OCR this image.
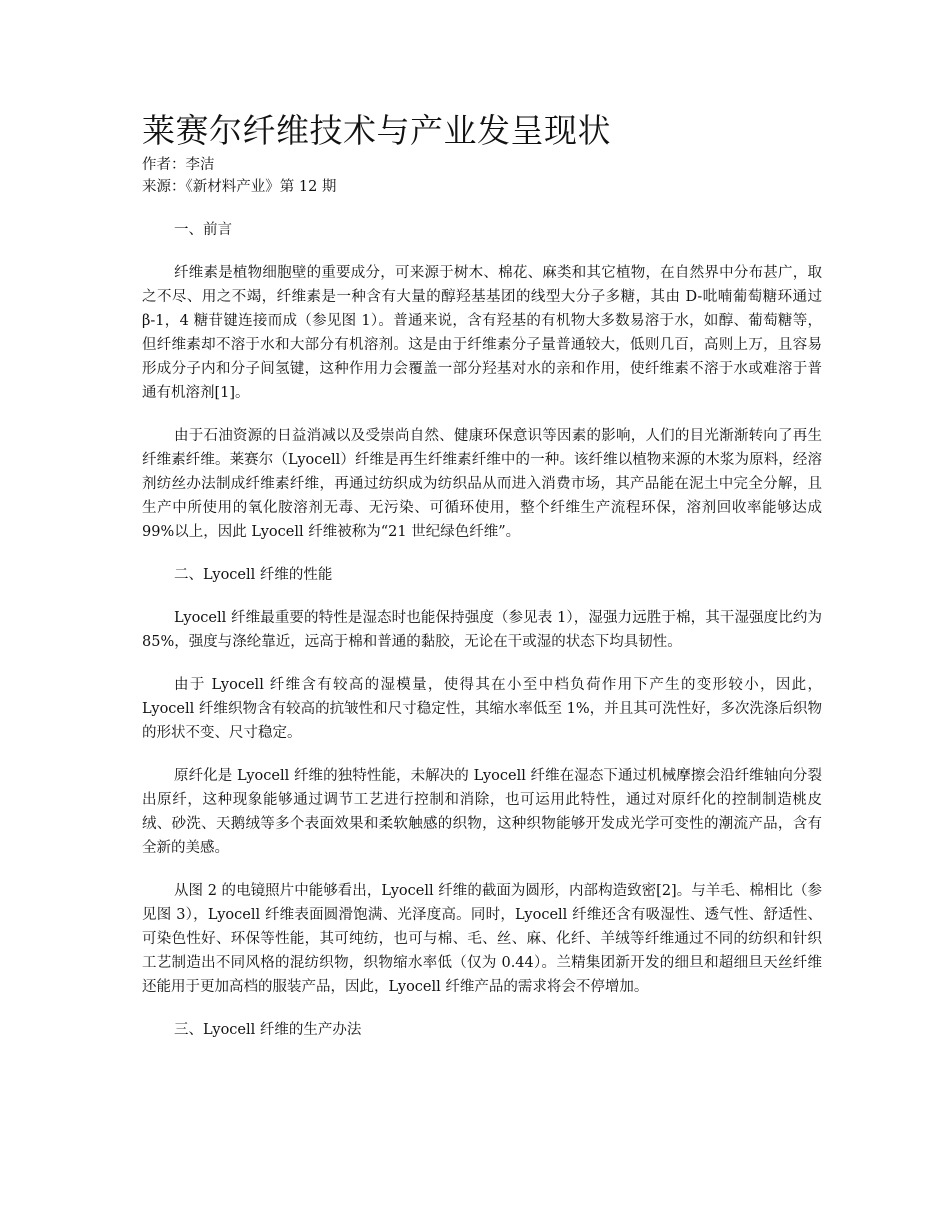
莱赛尔纤维技术与产业发呈现状

作者：李洁

来源：《新材料产业》第 12 期

一、前言

纤维素是植物细胞壁的重要成分，可来源于树木、棉花、麻类和其它植物，在自然界中分布甚广，取之不尽、用之不竭，纤维素是一种含有大量的醇羟基基团的线型大分子多糖，其由 D-吡喃葡萄糖环通过 β-1，4 糖苷键连接而成（参见图 1）。普通来说，含有羟基的有机物大多数易溶于水，如醇、葡萄糖等，但纤维素却不溶于水和大部分有机溶剂。这是由于纤维素分子量普通较大，低则几百，高则上万，且容易形成分子内和分子间氢键，这种作用力会覆盖一部分羟基对水的亲和作用，使纤维素不溶于水或难溶于普通有机溶剂[1]。

由于石油资源的日益消减以及受崇尚自然、健康环保意识等因素的影响，人们的目光渐渐转向了再生纤维素纤维。莱赛尔（Lyocell）纤维是再生纤维素纤维中的一种。该纤维以植物来源的木浆为原料，经溶剂纺丝办法制成纤维素纤维，再通过纺织成为纺织品从而进入消费市场，其产品能在泥土中完全分解，且生产中所使用的氧化胺溶剂无毒、无污染、可循环使用，整个纤维生产流程环保，溶剂回收率能够达成 99%以上，因此 Lyocell 纤维被称为“21 世纪绿色纤维”。

二、Lyocell 纤维的性能

Lyocell 纤维最重要的特性是湿态时也能保持强度（参见表 1），湿强力远胜于棉，其干湿强度比约为 85%，强度与涤纶靠近，远高于棉和普通的黏胶，无论在干或湿的状态下均具韧性。

由于 Lyocell 纤维含有较高的湿模量，使得其在小至中档负荷作用下产生的变形较小，因此，Lyocell 纤维织物含有较高的抗皱性和尺寸稳定性，其缩水率低至 1%，并且其可洗性好，多次洗涤后织物的形状不变、尺寸稳定。

原纤化是 Lyocell 纤维的独特性能，未解决的 Lyocell 纤维在湿态下通过机械摩擦会沿纤维轴向分裂出原纤，这种现象能够通过调节工艺进行控制和消除，也可运用此特性，通过对原纤化的控制制造桃皮绒、砂洗、天鹅绒等多个表面效果和柔软触感的织物，这种织物能够开发成光学可变性的潮流产品，含有全新的美感。

从图 2 的电镜照片中能够看出，Lyocell 纤维的截面为圆形，内部构造致密[2]。与羊毛、棉相比（参见图 3），Lyocell 纤维表面圆滑饱满、光泽度高。同时，Lyocell 纤维还含有吸湿性、透气性、舒适性、可染色性好、环保等性能，其可纯纺，也可与棉、毛、丝、麻、化纤、羊绒等纤维通过不同的纺织和针织工艺制造出不同风格的混纺织物，织物缩水率低（仅为 0.44）。兰精集团新开发的细旦和超细旦天丝纤维还能用于更加高档的服装产品，因此，Lyocell 纤维产品的需求将会不停增加。

三、Lyocell 纤维的生产办法
